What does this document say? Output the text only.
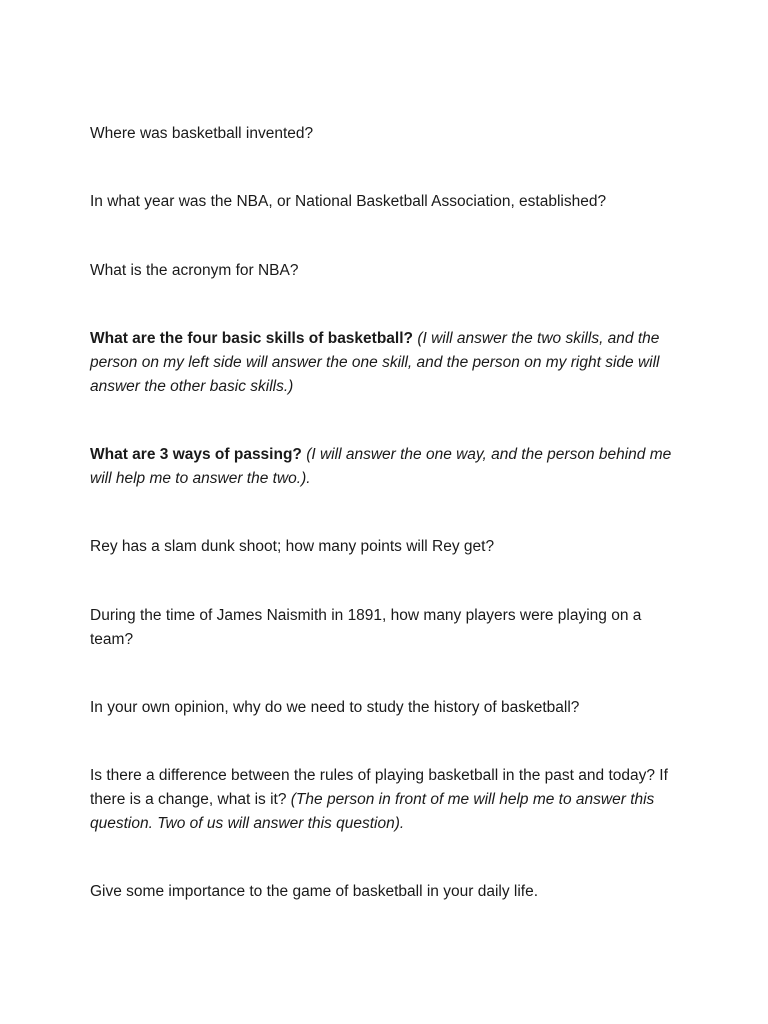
Where was basketball invented?

In what year was the NBA, or National Basketball Association, established?

What is the acronym for NBA?

What are the four basic skills of basketball? (I will answer the two skills, and the person on my left side will answer the one skill, and the person on my right side will answer the other basic skills.)

What are 3 ways of passing? (I will answer the one way, and the person behind me will help me to answer the two.).

Rey has a slam dunk shoot; how many points will Rey get?

During the time of James Naismith in 1891, how many players were playing on a team?

In your own opinion, why do we need to study the history of basketball?

Is there a difference between the rules of playing basketball in the past and today? If there is a change, what is it? (The person in front of me will help me to answer this question. Two of us will answer this question).

Give some importance to the game of basketball in your daily life.
